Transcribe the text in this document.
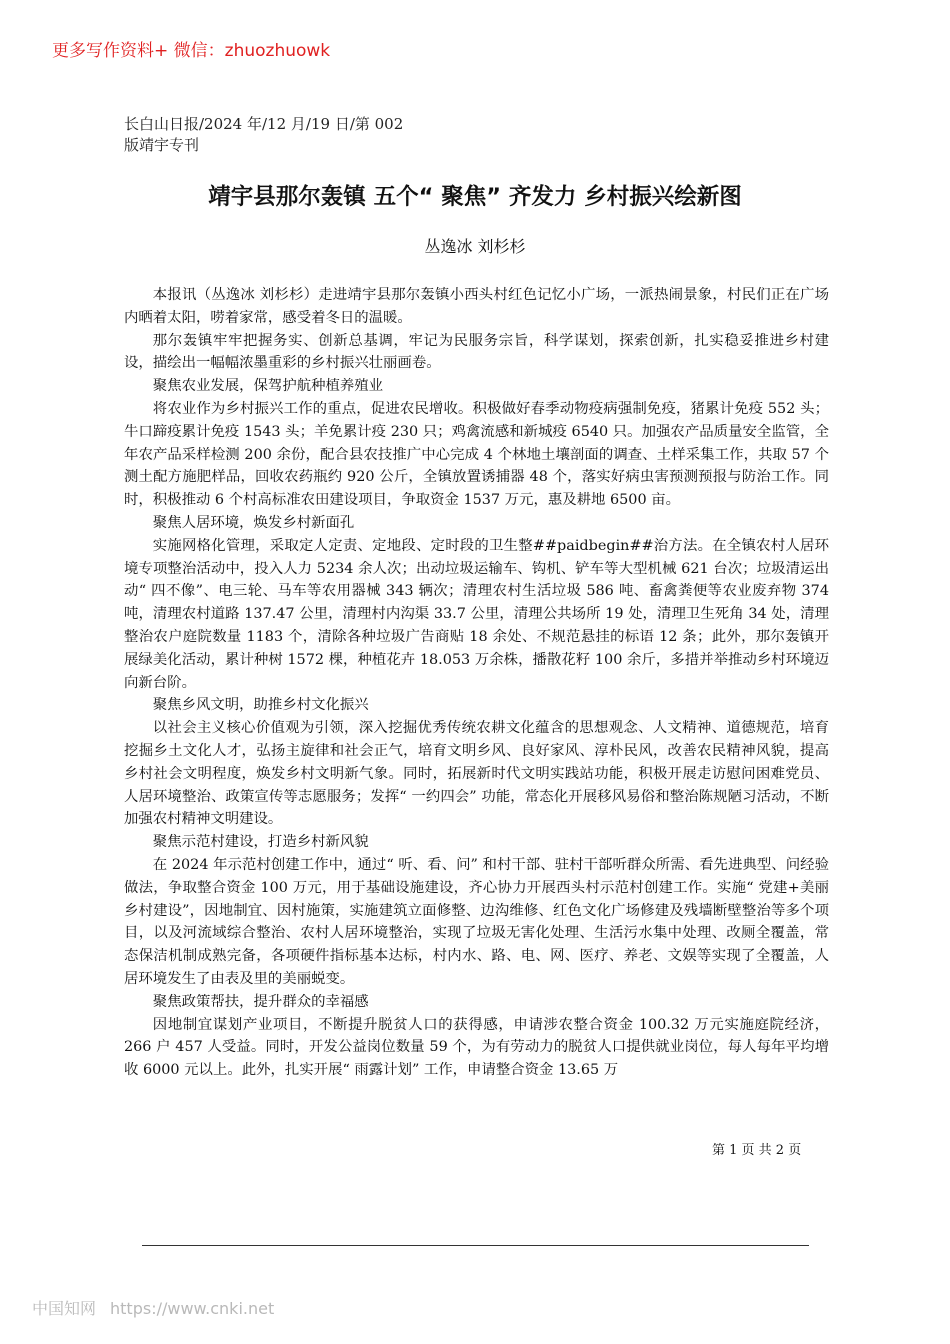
更多写作资料+ 微信：zhuozhuowk
长白山日报/2024 年/12 月/19 日/第 002
版靖宇专刊
靖宇县那尔轰镇 五个“ 聚焦” 齐发力 乡村振兴绘新图
丛逸冰 刘杉杉

本报讯（丛逸冰 刘杉杉）走进靖宇县那尔轰镇小西头村红色记忆小广场，一派热闹景象，村民们正在广场内晒着太阳，唠着家常，感受着冬日的温暖。

那尔轰镇牢牢把握务实、创新总基调，牢记为民服务宗旨，科学谋划，探索创新，扎实稳妥推进乡村建设，描绘出一幅幅浓墨重彩的乡村振兴壮丽画卷。

聚焦农业发展，保驾护航种植养殖业

将农业作为乡村振兴工作的重点，促进农民增收。积极做好春季动物疫病强制免疫，猪累计免疫 552 头；牛口蹄疫累计免疫 1543 头；羊免累计疫 230 只；鸡禽流感和新城疫 6540 只。加强农产品质量安全监管，全年农产品采样检测 200 余份，配合县农技推广中心完成 4 个林地土壤剖面的调查、土样采集工作，共取 57 个测土配方施肥样品，回收农药瓶约 920 公斤，全镇放置诱捕器 48 个，落实好病虫害预测预报与防治工作。同时，积极推动 6 个村高标准农田建设项目，争取资金 1537 万元，惠及耕地 6500 亩。

聚焦人居环境，焕发乡村新面孔

实施网格化管理，采取定人定责、定地段、定时段的卫生整##paidbegin##治方法。在全镇农村人居环境专项整治活动中，投入人力 5234 余人次；出动垃圾运输车、钩机、铲车等大型机械 621 台次；垃圾清运出动“ 四不像”、电三轮、马车等农用器械 343 辆次；清理农村生活垃圾 586 吨、畜禽粪便等农业废弃物 374 吨，清理农村道路 137.47 公里，清理村内沟渠 33.7 公里，清理公共场所 19 处，清理卫生死角 34 处，清理整治农户庭院数量 1183 个，清除各种垃圾广告商贴 18 余处、不规范悬挂的标语 12 条；此外，那尔轰镇开展绿美化活动，累计种树 1572 棵，种植花卉 18.053 万余株，播散花籽 100 余斤，多措并举推动乡村环境迈向新台阶。

聚焦乡风文明，助推乡村文化振兴

以社会主义核心价值观为引领，深入挖掘优秀传统农耕文化蕴含的思想观念、人文精神、道德规范，培育挖掘乡土文化人才，弘扬主旋律和社会正气，培育文明乡风、良好家风、淳朴民风，改善农民精神风貌，提高乡村社会文明程度，焕发乡村文明新气象。同时，拓展新时代文明实践站功能，积极开展走访慰问困难党员、人居环境整治、政策宣传等志愿服务；发挥“ 一约四会” 功能，常态化开展移风易俗和整治陈规陋习活动，不断加强农村精神文明建设。

聚焦示范村建设，打造乡村新风貌

在 2024 年示范村创建工作中，通过“ 听、看、问” 和村干部、驻村干部听群众所需、看先进典型、问经验做法，争取整合资金 100 万元，用于基础设施建设，齐心协力开展西头村示范村创建工作。实施“ 党建+美丽乡村建设”，因地制宜、因村施策，实施建筑立面修整、边沟维修、红色文化广场修建及残墙断壁整治等多个项目，以及河流域综合整治、农村人居环境整治，实现了垃圾无害化处理、生活污水集中处理、改厕全覆盖，常态保洁机制成熟完备，各项硬件指标基本达标，村内水、路、电、网、医疗、养老、文娱等实现了全覆盖，人居环境发生了由表及里的美丽蜕变。

聚焦政策帮扶，提升群众的幸福感

因地制宜谋划产业项目，不断提升脱贫人口的获得感，申请涉农整合资金 100.32 万元实施庭院经济，266 户 457 人受益。同时，开发公益岗位数量 59 个，为有劳动力的脱贫人口提供就业岗位，每人每年平均增收 6000 元以上。此外，扎实开展“ 雨露计划” 工作，申请整合资金 13.65 万

第 1 页 共 2 页
中国知网 https://www.cnki.net
